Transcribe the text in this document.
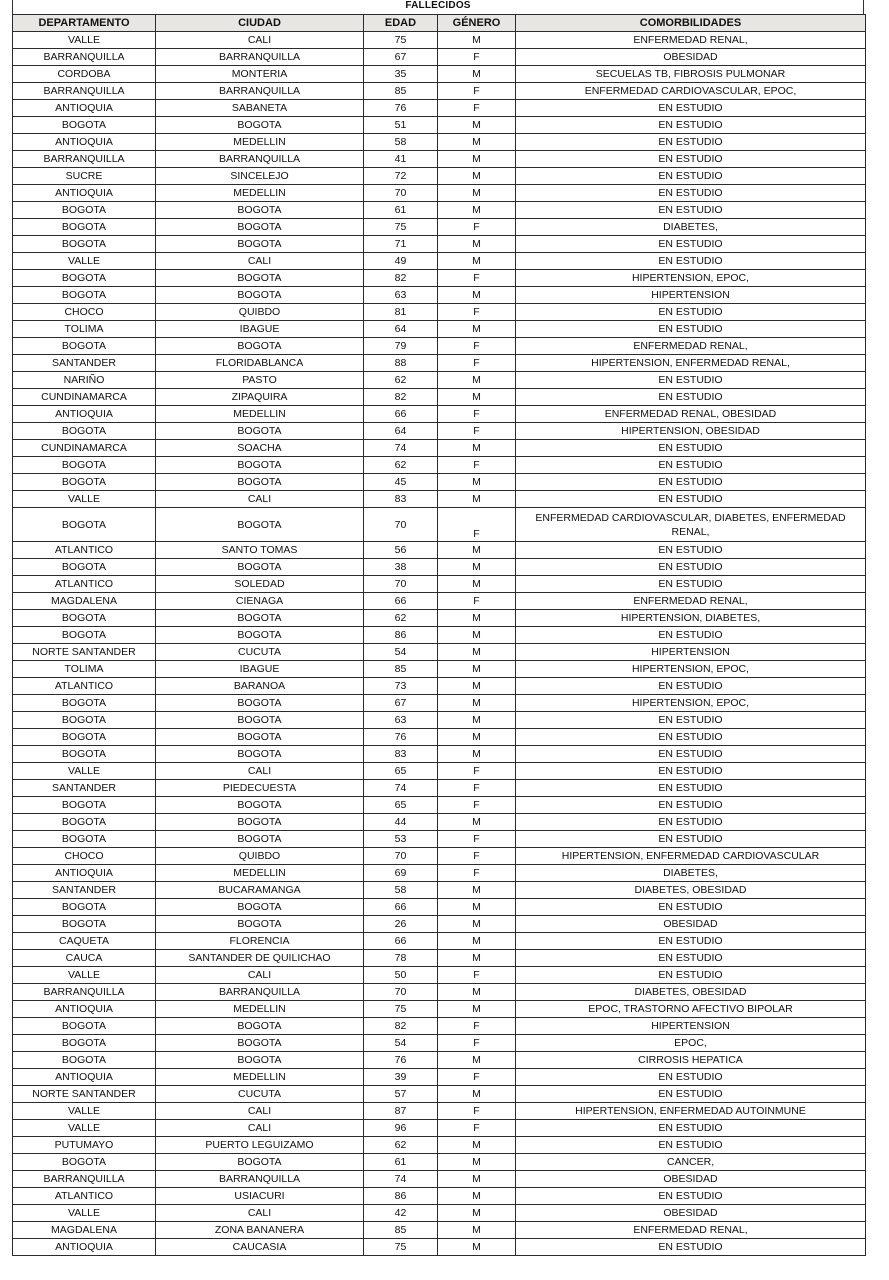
FALLECIDOS
DEPARTAMENTO	CIUDAD	EDAD	GÉNERO	COMORBILIDADES
VALLE	CALI	75	M	ENFERMEDAD RENAL,
BARRANQUILLA	BARRANQUILLA	67	F	OBESIDAD
CORDOBA	MONTERIA	35	M	SECUELAS TB, FIBROSIS PULMONAR
BARRANQUILLA	BARRANQUILLA	85	F	ENFERMEDAD CARDIOVASCULAR, EPOC,
ANTIOQUIA	SABANETA	76	F	EN ESTUDIO
BOGOTA	BOGOTA	51	M	EN ESTUDIO
ANTIOQUIA	MEDELLIN	58	M	EN ESTUDIO
BARRANQUILLA	BARRANQUILLA	41	M	EN ESTUDIO
SUCRE	SINCELEJO	72	M	EN ESTUDIO
ANTIOQUIA	MEDELLIN	70	M	EN ESTUDIO
BOGOTA	BOGOTA	61	M	EN ESTUDIO
BOGOTA	BOGOTA	75	F	DIABETES,
BOGOTA	BOGOTA	71	M	EN ESTUDIO
VALLE	CALI	49	M	EN ESTUDIO
BOGOTA	BOGOTA	82	F	HIPERTENSION, EPOC,
BOGOTA	BOGOTA	63	M	HIPERTENSION
CHOCO	QUIBDO	81	F	EN ESTUDIO
TOLIMA	IBAGUE	64	M	EN ESTUDIO
BOGOTA	BOGOTA	79	F	ENFERMEDAD RENAL,
SANTANDER	FLORIDABLANCA	88	F	HIPERTENSION, ENFERMEDAD RENAL,
NARIÑO	PASTO	62	M	EN ESTUDIO
CUNDINAMARCA	ZIPAQUIRA	82	M	EN ESTUDIO
ANTIOQUIA	MEDELLIN	66	F	ENFERMEDAD RENAL, OBESIDAD
BOGOTA	BOGOTA	64	F	HIPERTENSION, OBESIDAD
CUNDINAMARCA	SOACHA	74	M	EN ESTUDIO
BOGOTA	BOGOTA	62	F	EN ESTUDIO
BOGOTA	BOGOTA	45	M	EN ESTUDIO
VALLE	CALI	83	M	EN ESTUDIO
BOGOTA	BOGOTA	70	F	ENFERMEDAD CARDIOVASCULAR, DIABETES, ENFERMEDAD RENAL,
ATLANTICO	SANTO TOMAS	56	M	EN ESTUDIO
BOGOTA	BOGOTA	38	M	EN ESTUDIO
ATLANTICO	SOLEDAD	70	M	EN ESTUDIO
MAGDALENA	CIENAGA	66	F	ENFERMEDAD RENAL,
BOGOTA	BOGOTA	62	M	HIPERTENSION, DIABETES,
BOGOTA	BOGOTA	86	M	EN ESTUDIO
NORTE SANTANDER	CUCUTA	54	M	HIPERTENSION
TOLIMA	IBAGUE	85	M	HIPERTENSION, EPOC,
ATLANTICO	BARANOA	73	M	EN ESTUDIO
BOGOTA	BOGOTA	67	M	HIPERTENSION, EPOC,
BOGOTA	BOGOTA	63	M	EN ESTUDIO
BOGOTA	BOGOTA	76	M	EN ESTUDIO
BOGOTA	BOGOTA	83	M	EN ESTUDIO
VALLE	CALI	65	F	EN ESTUDIO
SANTANDER	PIEDECUESTA	74	F	EN ESTUDIO
BOGOTA	BOGOTA	65	F	EN ESTUDIO
BOGOTA	BOGOTA	44	M	EN ESTUDIO
BOGOTA	BOGOTA	53	F	EN ESTUDIO
CHOCO	QUIBDO	70	F	HIPERTENSION, ENFERMEDAD CARDIOVASCULAR
ANTIOQUIA	MEDELLIN	69	F	DIABETES,
SANTANDER	BUCARAMANGA	58	M	DIABETES, OBESIDAD
BOGOTA	BOGOTA	66	M	EN ESTUDIO
BOGOTA	BOGOTA	26	M	OBESIDAD
CAQUETA	FLORENCIA	66	M	EN ESTUDIO
CAUCA	SANTANDER DE QUILICHAO	78	M	EN ESTUDIO
VALLE	CALI	50	F	EN ESTUDIO
BARRANQUILLA	BARRANQUILLA	70	M	DIABETES, OBESIDAD
ANTIOQUIA	MEDELLIN	75	M	EPOC, TRASTORNO AFECTIVO BIPOLAR
BOGOTA	BOGOTA	82	F	HIPERTENSION
BOGOTA	BOGOTA	54	F	EPOC,
BOGOTA	BOGOTA	76	M	CIRROSIS HEPATICA
ANTIOQUIA	MEDELLIN	39	F	EN ESTUDIO
NORTE SANTANDER	CUCUTA	57	M	EN ESTUDIO
VALLE	CALI	87	F	HIPERTENSION, ENFERMEDAD AUTOINMUNE
VALLE	CALI	96	F	EN ESTUDIO
PUTUMAYO	PUERTO LEGUIZAMO	62	M	EN ESTUDIO
BOGOTA	BOGOTA	61	M	CANCER,
BARRANQUILLA	BARRANQUILLA	74	M	OBESIDAD
ATLANTICO	USIACURI	86	M	EN ESTUDIO
VALLE	CALI	42	M	OBESIDAD
MAGDALENA	ZONA BANANERA	85	M	ENFERMEDAD RENAL,
ANTIOQUIA	CAUCASIA	75	M	EN ESTUDIO
